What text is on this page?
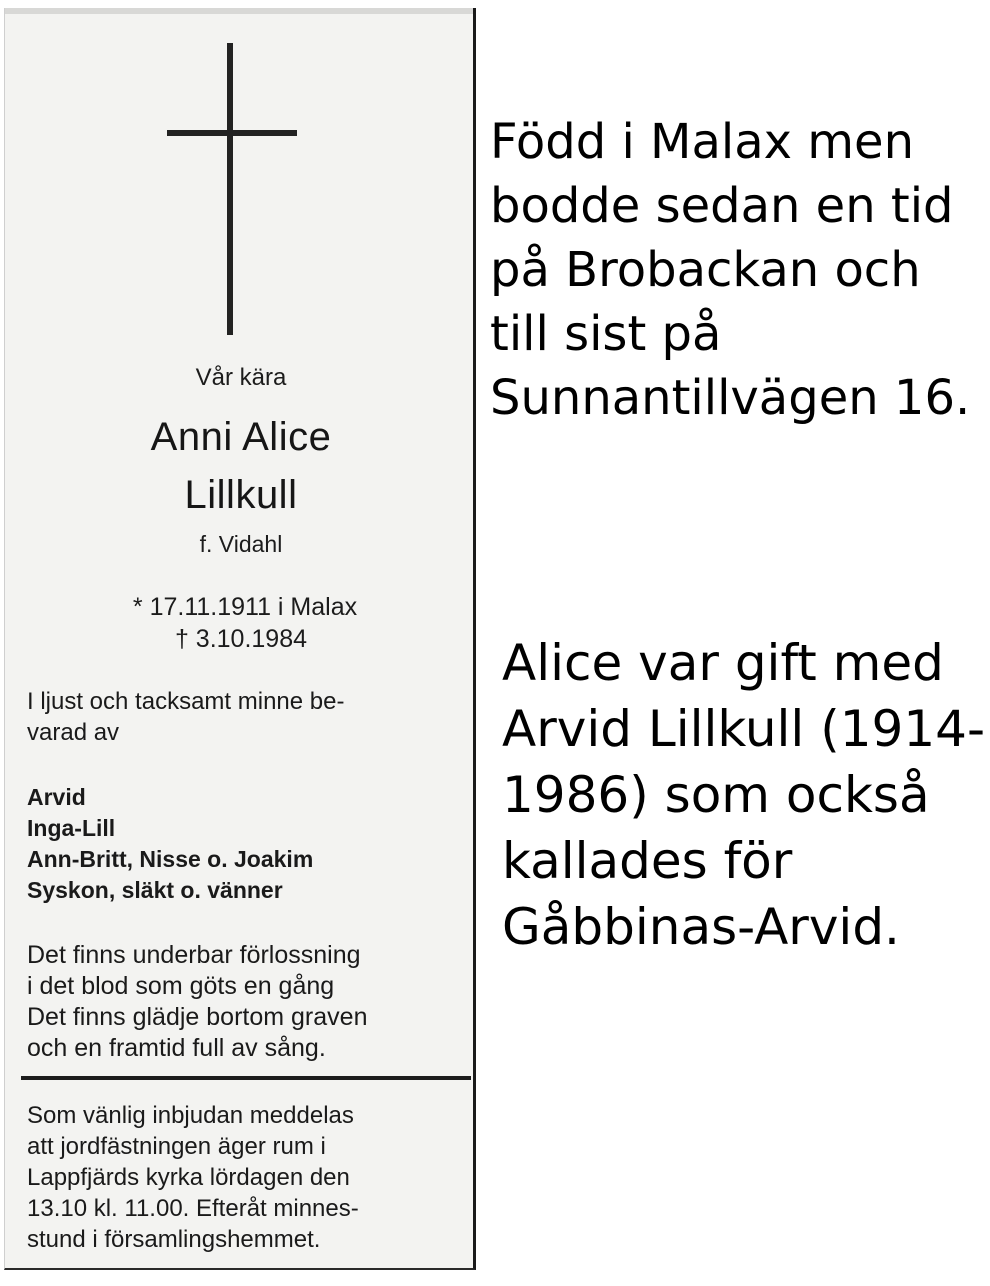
Vår kära
Anni Alice
Lillkull
f. Vidahl
* 17.11.1911 i Malax
† 3.10.1984
I ljust och tacksamt minne be-
varad av
Arvid
Inga-Lill
Ann-Britt, Nisse o. Joakim
Syskon, släkt o. vänner
Det finns underbar förlossning
i det blod som göts en gång
Det finns glädje bortom graven
och en framtid full av sång.
Som vänlig inbjudan meddelas
att jordfästningen äger rum i
Lappfjärds kyrka lördagen den
13.10 kl. 11.00. Efteråt minnes-
stund i församlingshemmet.
Född i Malax men
bodde sedan en tid
på Brobackan och
till sist på
Sunnantillvägen 16.
Alice var gift med
Arvid Lillkull (1914-
1986) som också
kallades för
Gåbbinas-Arvid.
